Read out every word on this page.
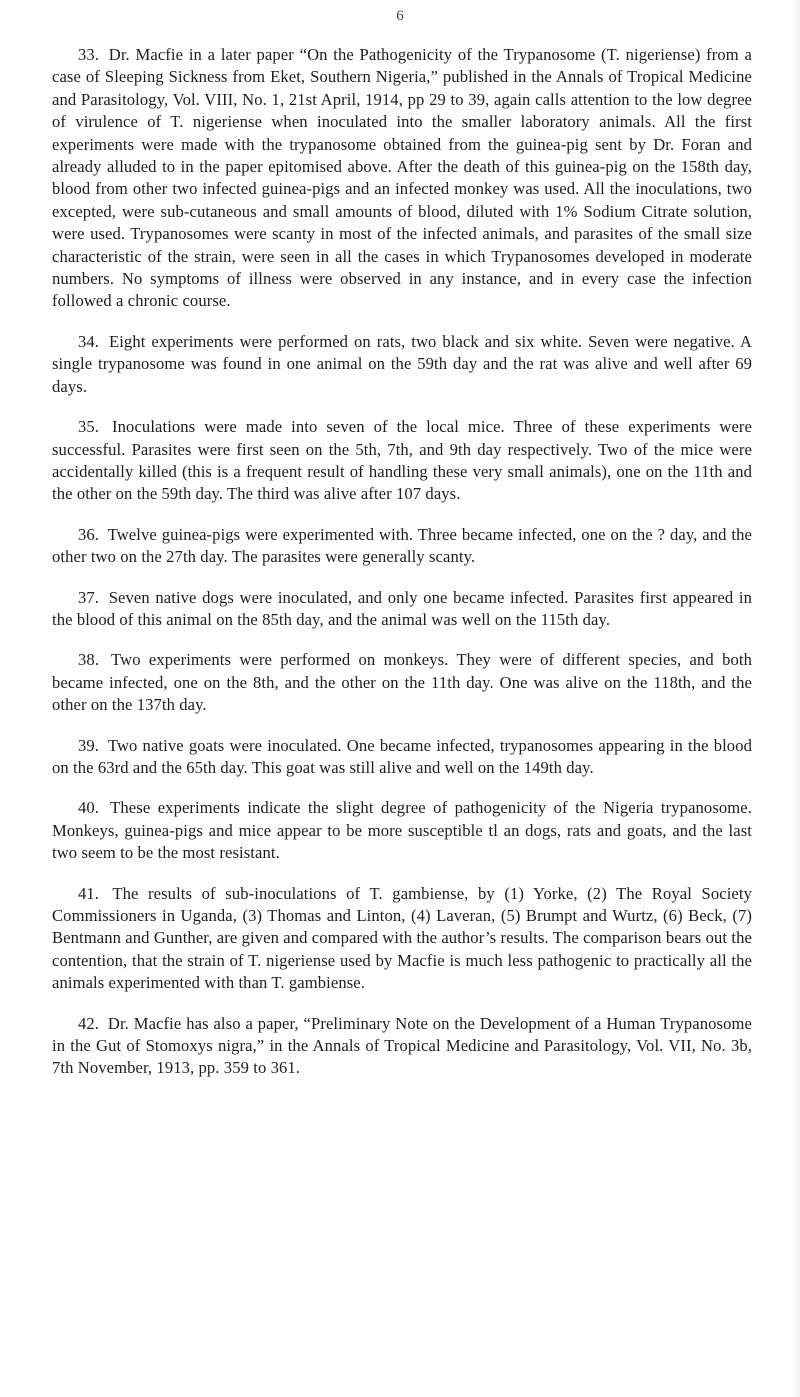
6

33. Dr. Macfie in a later paper “On the Pathogenicity of the Trypanosome (T. nigeriense) from a case of Sleeping Sickness from Eket, Southern Nigeria,” published in the Annals of Tropical Medicine and Parasitology, Vol. VIII, No. 1, 21st April, 1914, pp 29 to 39, again calls attention to the low degree of virulence of T. nigeriense when inoculated into the smaller laboratory animals. All the first experiments were made with the trypanosome obtained from the guinea-pig sent by Dr. Foran and already alluded to in the paper epitomised above. After the death of this guinea-pig on the 158th day, blood from other two infected guinea-pigs and an infected monkey was used. All the inoculations, two excepted, were sub-cutaneous and small amounts of blood, diluted with 1% Sodium Citrate solution, were used. Trypanosomes were scanty in most of the infected animals, and parasites of the small size characteristic of the strain, were seen in all the cases in which Trypanosomes developed in moderate numbers. No symptoms of illness were observed in any instance, and in every case the infection followed a chronic course.

34. Eight experiments were performed on rats, two black and six white. Seven were negative. A single trypanosome was found in one animal on the 59th day and the rat was alive and well after 69 days.

35. Inoculations were made into seven of the local mice. Three of these experiments were successful. Parasites were first seen on the 5th, 7th, and 9th day respectively. Two of the mice were accidentally killed (this is a frequent result of handling these very small animals), one on the 11th and the other on the 59th day. The third was alive after 107 days.

36. Twelve guinea-pigs were experimented with. Three became infected, one on the ? day, and the other two on the 27th day. The parasites were generally scanty.

37. Seven native dogs were inoculated, and only one became infected. Parasites first appeared in the blood of this animal on the 85th day, and the animal was well on the 115th day.

38. Two experiments were performed on monkeys. They were of different species, and both became infected, one on the 8th, and the other on the 11th day. One was alive on the 118th, and the other on the 137th day.

39. Two native goats were inoculated. One became infected, trypanosomes appearing in the blood on the 63rd and the 65th day. This goat was still alive and well on the 149th day.

40. These experiments indicate the slight degree of pathogenicity of the Nigeria trypanosome. Monkeys, guinea-pigs and mice appear to be more susceptible tl an dogs, rats and goats, and the last two seem to be the most resistant.

41. The results of sub-inoculations of T. gambiense, by (1) Yorke, (2) The Royal Society Commissioners in Uganda, (3) Thomas and Linton, (4) Laveran, (5) Brumpt and Wurtz, (6) Beck, (7) Bentmann and Gunther, are given and compared with the author’s results. The comparison bears out the contention, that the strain of T. nigeriense used by Macfie is much less pathogenic to practically all the animals experimented with than T. gambiense.

42. Dr. Macfie has also a paper, “Preliminary Note on the Development of a Human Trypanosome in the Gut of Stomoxys nigra,” in the Annals of Tropical Medicine and Parasitology, Vol. VII, No. 3b, 7th November, 1913, pp. 359 to 361.
